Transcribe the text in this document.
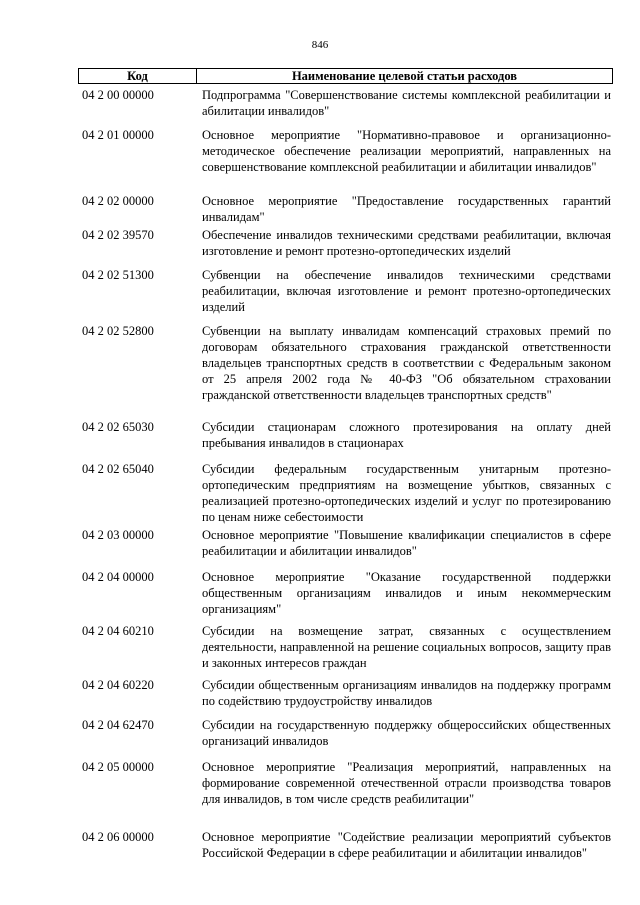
846
Код	Наименование целевой статьи расходов
04 2 00 00000	Подпрограмма "Совершенствование системы комплексной реабилитации и абилитации инвалидов"
04 2 01 00000	Основное мероприятие "Нормативно-правовое и организационно-методическое обеспечение реализации мероприятий, направленных на совершенствование комплексной реабилитации и абилитации инвалидов"
04 2 02 00000	Основное мероприятие "Предоставление государственных гарантий инвалидам"
04 2 02 39570	Обеспечение инвалидов техническими средствами реабилитации, включая изготовление и ремонт протезно-ортопедических изделий
04 2 02 51300	Субвенции на обеспечение инвалидов техническими средствами реабилитации, включая изготовление и ремонт протезно-ортопедических изделий
04 2 02 52800	Субвенции на выплату инвалидам компенсаций страховых премий по договорам обязательного страхования гражданской ответственности владельцев транспортных средств в соответствии с Федеральным законом от 25 апреля 2002 года № 40-ФЗ "Об обязательном страховании гражданской ответственности владельцев транспортных средств"
04 2 02 65030	Субсидии стационарам сложного протезирования на оплату дней пребывания инвалидов в стационарах
04 2 02 65040	Субсидии федеральным государственным унитарным протезно-ортопедическим предприятиям на возмещение убытков, связанных с реализацией протезно-ортопедических изделий и услуг по протезированию по ценам ниже себестоимости
04 2 03 00000	Основное мероприятие "Повышение квалификации специалистов в сфере реабилитации и абилитации инвалидов"
04 2 04 00000	Основное мероприятие "Оказание государственной поддержки общественным организациям инвалидов и иным некоммерческим организациям"
04 2 04 60210	Субсидии на возмещение затрат, связанных с осуществлением деятельности, направленной на решение социальных вопросов, защиту прав и законных интересов граждан
04 2 04 60220	Субсидии общественным организациям инвалидов на поддержку программ по содействию трудоустройству инвалидов
04 2 04 62470	Субсидии на государственную поддержку общероссийских общественных организаций инвалидов
04 2 05 00000	Основное мероприятие "Реализация мероприятий, направленных на формирование современной отечественной отрасли производства товаров для инвалидов, в том числе средств реабилитации"
04 2 06 00000	Основное мероприятие "Содействие реализации мероприятий субъектов Российской Федерации в сфере реабилитации и абилитации инвалидов"
